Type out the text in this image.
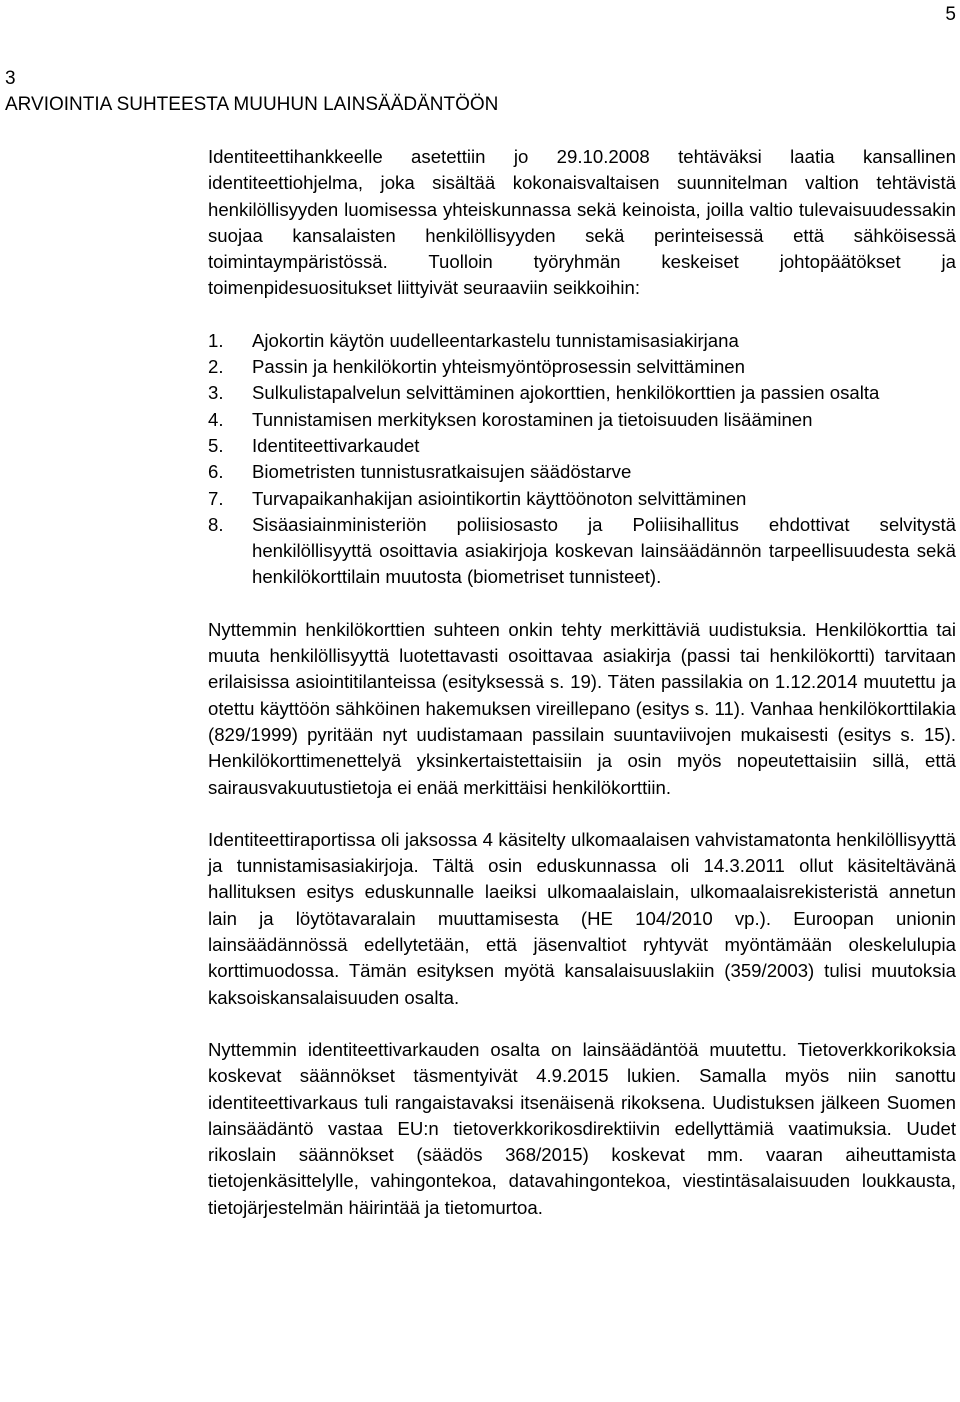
5
3
ARVIOINTIA SUHTEESTA MUUHUN LAINSÄÄDÄNTÖÖN

Identiteettihankkeelle asetettiin jo 29.10.2008 tehtäväksi laatia kansallinen identiteettiohjelma, joka sisältää kokonaisvaltaisen suunnitelman valtion tehtävistä henkilöllisyyden luomisessa yhteiskunnassa sekä keinoista, joilla valtio tulevaisuudessakin suojaa kansalaisten henkilöllisyyden sekä perinteisessä että sähköisessä toimintaympäristössä. Tuolloin työryhmän keskeiset johtopäätökset ja toimenpidesuositukset liittyivät seuraaviin seikkoihin:

1.	Ajokortin käytön uudelleentarkastelu tunnistamisasiakirjana
2.	Passin ja henkilökortin yhteismyöntöprosessin selvittäminen
3.	Sulkulistapalvelun selvittäminen ajokorttien, henkilökorttien ja passien osalta
4.	Tunnistamisen merkityksen korostaminen ja tietoisuuden lisääminen
5.	Identiteettivarkaudet
6.	Biometristen tunnistusratkaisujen säädöstarve
7.	Turvapaikanhakijan asiointikortin käyttöönoton selvittäminen
8.	Sisäasiainministeriön poliisiosasto ja Poliisihallitus ehdottivat selvitystä henkilöllisyyttä osoittavia asiakirjoja koskevan lainsäädännön tarpeellisuudesta sekä henkilökorttilain muutosta (biometriset tunnisteet).

Nyttemmin henkilökorttien suhteen onkin tehty merkittäviä uudistuksia. Henkilökorttia tai muuta henkilöllisyyttä luotettavasti osoittavaa asiakirja (passi tai henkilökortti) tarvitaan erilaisissa asiointitilanteissa (esityksessä s. 19). Täten passilakia on 1.12.2014 muutettu ja otettu käyttöön sähköinen hakemuksen vireillepano (esitys s. 11). Vanhaa henkilökorttilakia (829/1999) pyritään nyt uudistamaan passilain suuntaviivojen mukaisesti (esitys s. 15). Henkilökorttimenettelyä yksinkertaistettaisiin ja osin myös nopeutettaisiin sillä, että sairausvakuutustietoja ei enää merkittäisi henkilökorttiin.

Identiteettiraportissa oli jaksossa 4 käsitelty ulkomaalaisen vahvistamatonta henkilöllisyyttä ja tunnistamisasiakirjoja. Tältä osin eduskunnassa oli 14.3.2011 ollut käsiteltävänä hallituksen esitys eduskunnalle laeiksi ulkomaalaislain, ulkomaalaisrekisteristä annetun lain ja löytötavaralain muuttamisesta (HE 104/2010 vp.). Euroopan unionin lainsäädännössä edellytetään, että jäsenvaltiot ryhtyvät myöntämään oleskelulupia korttimuodossa. Tämän esityksen myötä kansalaisuuslakiin (359/2003) tulisi muutoksia kaksoiskansalaisuuden osalta.

Nyttemmin identiteettivarkauden osalta on lainsäädäntöä muutettu. Tietoverkkorikoksia koskevat säännökset täsmentyivät 4.9.2015 lukien. Samalla myös niin sanottu identiteettivarkaus tuli rangaistavaksi itsenäisenä rikoksena. Uudistuksen jälkeen Suomen lainsäädäntö vastaa EU:n tietoverkkorikosdirektiivin edellyttämiä vaatimuksia. Uudet rikoslain säännökset (säädös 368/2015) koskevat mm. vaaran aiheuttamista tietojenkäsittelylle, vahingontekoa, datavahingontekoa, viestintäsalaisuuden loukkausta, tietojärjestelmän häirintää ja tietomurtoa.
